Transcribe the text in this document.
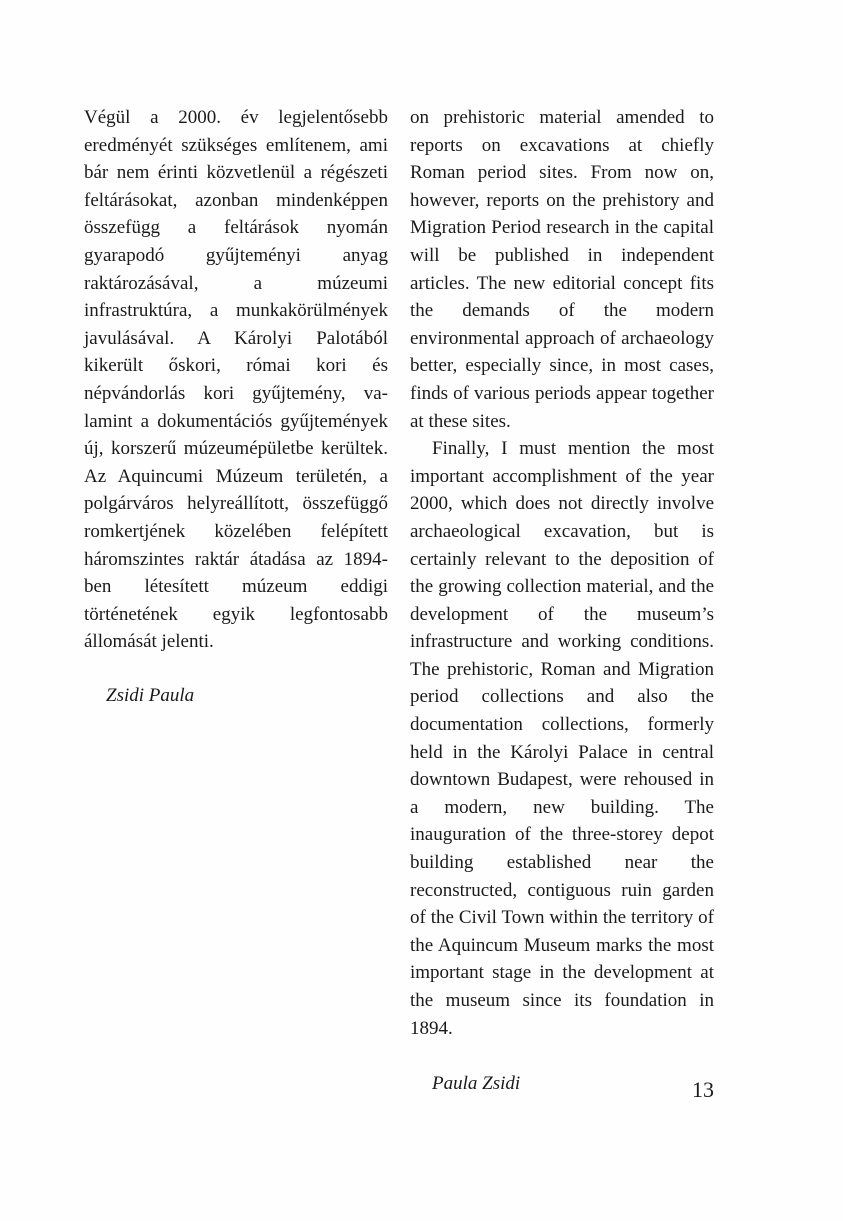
Végül a 2000. év legjelentősebb eredményét szükséges említenem, ami bár nem érinti közvetlenül a régészeti feltárásokat, azonban mindenképpen összefügg a feltárások nyomán gyarapodó gyűjteményi anyag raktározásával, a múzeumi infrastruktúra, a munkakörülmények javulásával. A Károlyi Palotából kikerült őskori, római kori és népvándorlás kori gyűjtemény, valamint a dokumentációs gyűjtemények új, korszerű múzeumépületbe kerültek. Az Aquincumi Múzeum területén, a polgárváros helyreállított, összefüggő romkertjének közelében felépített háromszintes raktár átadása az 1894-ben létesített múzeum eddigi történetének egyik legfontosabb állomását jelenti.

Zsidi Paula

on prehistoric material amended to reports on excavations at chiefly Roman period sites. From now on, however, reports on the prehistory and Migration Period research in the capital will be published in independent articles. The new editorial concept fits the demands of the modern environmental approach of archaeology better, especially since, in most cases, finds of various periods appear together at these sites.

Finally, I must mention the most important accomplishment of the year 2000, which does not directly involve archaeological excavation, but is certainly relevant to the deposition of the growing collection material, and the development of the museum’s infrastructure and working conditions. The prehistoric, Roman and Migration period collections and also the documentation collections, formerly held in the Károlyi Palace in central downtown Budapest, were rehoused in a modern, new building. The inauguration of the three-storey depot building established near the reconstructed, contiguous ruin garden of the Civil Town within the territory of the Aquincum Museum marks the most important stage in the development at the museum since its foundation in 1894.

Paula Zsidi	13
